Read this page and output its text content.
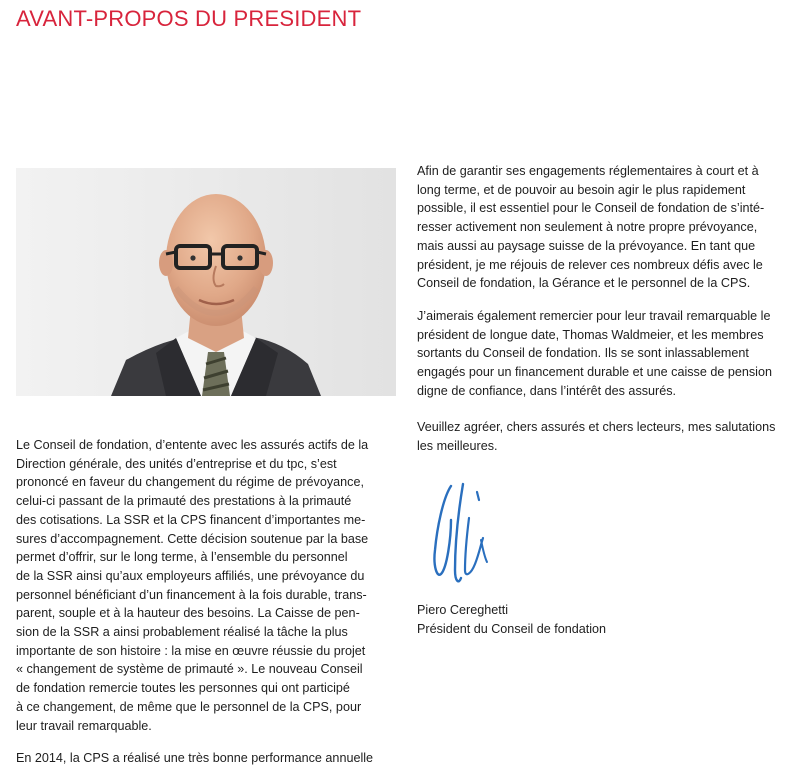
AVANT-PROPOS DU PRESIDENT

Le Conseil de fondation, d’entente avec les assurés actifs de la
Direction générale, des unités d’entreprise et du tpc, s’est
prononcé en faveur du changement du régime de prévoyance,
celui-ci passant de la primauté des prestations à la primauté
des cotisations. La SSR et la CPS financent d’importantes me-
sures d’accompagnement. Cette décision soutenue par la base
permet d’offrir, sur le long terme, à l’ensemble du personnel
de la SSR ainsi qu’aux employeurs affiliés, une prévoyance du
personnel bénéficiant d’un financement à la fois durable, trans-
parent, souple et à la hauteur des besoins. La Caisse de pen-
sion de la SSR a ainsi probablement réalisé la tâche la plus
importante de son histoire : la mise en œuvre réussie du projet
« changement de système de primauté ». Le nouveau Conseil
de fondation remercie toutes les personnes qui ont participé
à ce changement, de même que le personnel de la CPS, pour
leur travail remarquable.

En 2014, la CPS a réalisé une très bonne performance annuelle

Afin de garantir ses engagements réglementaires à court et à
long terme, et de pouvoir au besoin agir le plus rapidement
possible, il est essentiel pour le Conseil de fondation de s’inté-
resser activement non seulement à notre propre prévoyance,
mais aussi au paysage suisse de la prévoyance. En tant que
président, je me réjouis de relever ces nombreux défis avec le
Conseil de fondation, la Gérance et le personnel de la CPS.

J’aimerais également remercier pour leur travail remarquable le
président de longue date, Thomas Waldmeier, et les membres
sortants du Conseil de fondation. Ils se sont inlassablement
engagés pour un financement durable et une caisse de pension
digne de confiance, dans l’intérêt des assurés.

Veuillez agréer, chers assurés et chers lecteurs, mes salutations
les meilleures.

Piero Cereghetti
Président du Conseil de fondation
